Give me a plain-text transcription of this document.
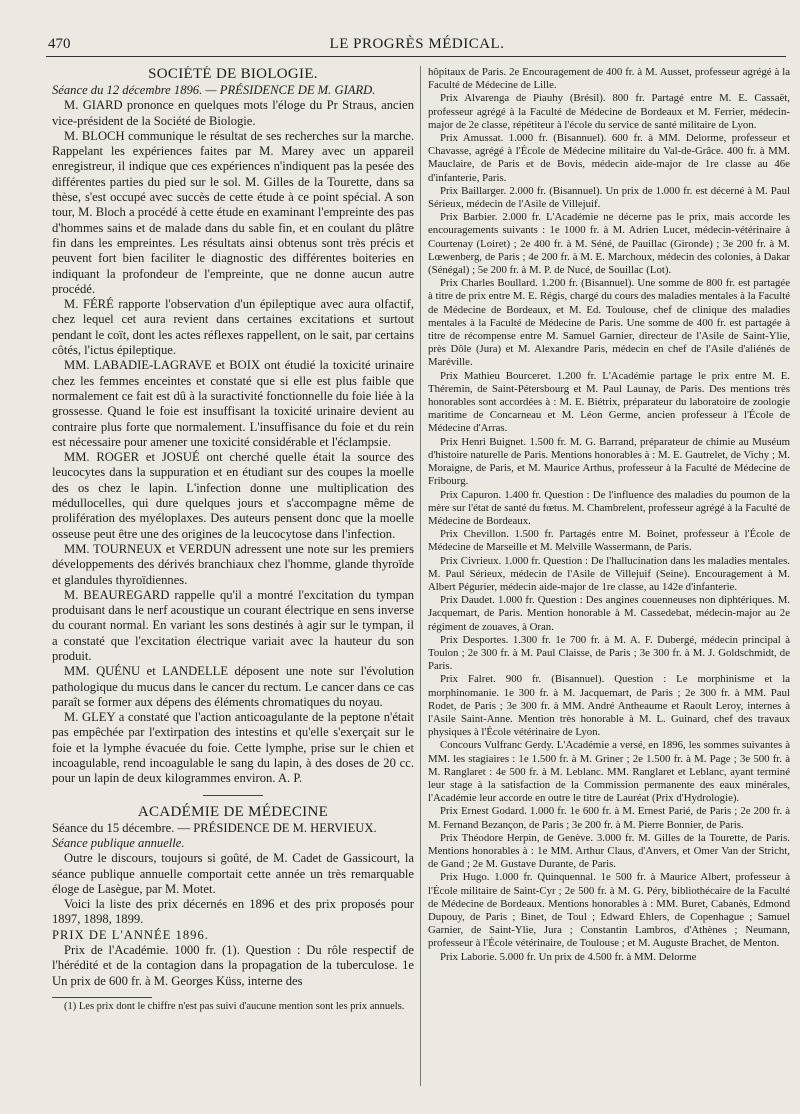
470	LE PROGRÈS MÉDICAL.
SOCIÉTÉ DE BIOLOGIE.

Séance du 12 décembre 1896. — PRÉSIDENCE DE M. GIARD.

M. GIARD prononce en quelques mots l'éloge du Pr Straus, ancien vice-président de la Société de Biologie.

M. BLOCH communique le résultat de ses recherches sur la marche. Rappelant les expériences faites par M. Marey avec un appareil enregistreur, il indique que ces expériences n'indiquent pas la pesée des différentes parties du pied sur le sol. M. Gilles de la Tourette, dans sa thèse, s'est occupé avec succès de cette étude à ce point spécial. A son tour, M. Bloch a procédé à cette étude en examinant l'empreinte des pas d'hommes sains et de malade dans du sable fin, et en coulant du plâtre fin dans les empreintes. Les résultats ainsi obtenus sont très précis et peuvent fort bien faciliter le diagnostic des différentes boiteries en indiquant la profondeur de l'empreinte, que ne donne aucun autre procédé.

M. FÉRÉ rapporte l'observation d'un épileptique avec aura olfactif, chez lequel cet aura revient dans certaines excitations et surtout pendant le coït, dont les actes réflexes rappellent, on le sait, par certains côtés, l'ictus épileptique.

MM. LABADIE-LAGRAVE et BOIX ont étudié la toxicité urinaire chez les femmes enceintes et constaté que si elle est plus faible que normalement ce fait est dû à la suractivité fonctionnelle du foie liée à la grossesse. Quand le foie est insuffisant la toxicité urinaire devient au contraire plus forte que normalement. L'insuffisance du foie et du rein est nécessaire pour amener une toxicité considérable et l'éclampsie.

MM. ROGER et JOSUÉ ont cherché quelle était la source des leucocytes dans la suppuration et en étudiant sur des coupes la moelle des os chez le lapin. L'infection donne une multiplication des médullocelles, qui dure quelques jours et s'accompagne même de prolifération des myéloplaxes. Des auteurs pensent donc que la moelle osseuse peut être une des origines de la leucocytose dans l'infection.

MM. TOURNEUX et VERDUN adressent une note sur les premiers développements des dérivés branchiaux chez l'homme, glande thyroïde et glandules thyroïdiennes.

M. BEAUREGARD rappelle qu'il a montré l'excitation du tympan produisant dans le nerf acoustique un courant électrique en sens inverse du courant normal. En variant les sons destinés à agir sur le tympan, il a constaté que l'excitation électrique variait avec la hauteur du son produit.

MM. QUÉNU et LANDELLE déposent une note sur l'évolution pathologique du mucus dans le cancer du rectum. Le cancer dans ce cas paraît se former aux dépens des éléments chromatiques du noyau.

M. GLEY a constaté que l'action anticoagulante de la peptone n'était pas empêchée par l'extirpation des intestins et qu'elle s'exerçait sur le foie et la lymphe évacuée du foie. Cette lymphe, prise sur le chien et incoagulable, rend incoagulable le sang du lapin, à des doses de 20 cc. pour un lapin de deux kilogrammes environ. A. P.

ACADÉMIE DE MÉDECINE

Séance du 15 décembre. — PRÉSIDENCE DE M. HERVIEUX.

Séance publique annuelle.

Outre le discours, toujours si goûté, de M. Cadet de Gassicourt, la séance publique annuelle comportait cette année un très remarquable éloge de Lasègue, par M. Motet.

Voici la liste des prix décernés en 1896 et des prix proposés pour 1897, 1898, 1899.

PRIX DE L'ANNÉE 1896.

Prix de l'Académie. 1000 fr. (1). Question : Du rôle respectif de l'hérédité et de la contagion dans la propagation de la tuberculose. 1e Un prix de 600 fr. à M. Georges Küss, interne des

(1) Les prix dont le chiffre n'est pas suivi d'aucune mention sont les prix annuels.

hôpitaux de Paris. 2e Encouragement de 400 fr. à M. Ausset, professeur agrégé à la Faculté de Médecine de Lille.

Prix Alvarenga de Piauhy (Brésil). 800 fr. Partagé entre M. E. Cassaët, professeur agrégé à la Faculté de Médecine de Bordeaux et M. Ferrier, médecin-major de 2e classe, répétiteur à l'école du service de santé militaire de Lyon.

Prix Amussat. 1.000 fr. (Bisannuel). 600 fr. à MM. Delorme, professeur et Chavasse, agrégé à l'École de Médecine militaire du Val-de-Grâce. 400 fr. à MM. Mauclaire, de Paris et de Bovis, médecin aide-major de 1re classe au 46e d'infanterie, Paris.

Prix Baillarger. 2.000 fr. (Bisannuel). Un prix de 1.000 fr. est décerné à M. Paul Sérieux, médecin de l'Asile de Villejuif.

Prix Barbier. 2.000 fr. L'Académie ne décerne pas le prix, mais accorde les encouragements suivants : 1e 1000 fr. à M. Adrien Lucet, médecin-vétérinaire à Courtenay (Loiret) ; 2e 400 fr. à M. Séné, de Pauillac (Gironde) ; 3e 200 fr. à M. Lœwenberg, de Paris ; 4e 200 fr. à M. E. Marchoux, médecin des colonies, à Dakar (Sénégal) ; 5e 200 fr. à M. P. de Nucé, de Souillac (Lot).

Prix Charles Boullard. 1.200 fr. (Bisannuel). Une somme de 800 fr. est partagée à titre de prix entre M. E. Régis, chargé du cours des maladies mentales à la Faculté de Médecine de Bordeaux, et M. Ed. Toulouse, chef de clinique des maladies mentales à la Faculté de Médecine de Paris. Une somme de 400 fr. est partagée à titre de récompense entre M. Samuel Garnier, directeur de l'Asile de Saint-Ylie, près Dôle (Jura) et M. Alexandre Paris, médecin en chef de l'Asile d'aliénés de Maréville.

Prix Mathieu Bourceret. 1.200 fr. L'Académie partage le prix entre M. E. Théremin, de Saint-Pétersbourg et M. Paul Launay, de Paris. Des mentions très honorables sont accordées à : M. E. Biétrix, préparateur du laboratoire de zoologie maritime de Concarneau et M. Léon Germe, ancien professeur à l'École de Médecine d'Arras.

Prix Henri Buignet. 1.500 fr. M. G. Barrand, préparateur de chimie au Muséum d'histoire naturelle de Paris. Mentions honorables à : M. E. Gautrelet, de Vichy ; M. Moraigne, de Paris, et M. Maurice Arthus, professeur à la Faculté de Médecine de Fribourg.

Prix Capuron. 1.400 fr. Question : De l'influence des maladies du poumon de la mère sur l'état de santé du fœtus. M. Chambrelent, professeur agrégé à la Faculté de Médecine de Bordeaux.

Prix Chevillon. 1.500 fr. Partagés entre M. Boinet, professeur à l'École de Médecine de Marseille et M. Melville Wassermann, de Paris.

Prix Civrieux. 1.000 fr. Question : De l'hallucination dans les maladies mentales. M. Paul Sérieux, médecin de l'Asile de Villejuif (Seine). Encouragement à M. Albert Pégurier, médecin aide-major de 1re classe, au 142e d'infanterie.

Prix Daudet. 1.000 fr. Question : Des angines couenneuses non diphtériques. M. Jacquemart, de Paris. Mention honorable à M. Cassedebat, médecin-major au 2e régiment de zouaves, à Oran.

Prix Desportes. 1.300 fr. 1e 700 fr. à M. A. F. Dubergé, médecin principal à Toulon ; 2e 300 fr. à M. Paul Claisse, de Paris ; 3e 300 fr. à M. J. Goldschmidt, de Paris.

Prix Falret. 900 fr. (Bisannuel). Question : Le morphinisme et la morphinomanie. 1e 300 fr. à M. Jacquemart, de Paris ; 2e 300 fr. à MM. Paul Rodet, de Paris ; 3e 300 fr. à MM. André Antheaume et Raoult Leroy, internes à l'Asile Saint-Anne. Mention très honorable à M. L. Guinard, chef des travaux physiques à l'École vétérinaire de Lyon.

Concours Vulfranc Gerdy. L'Académie a versé, en 1896, les sommes suivantes à MM. les stagiaires : 1e 1.500 fr. à M. Griner ; 2e 1.500 fr. à M. Page ; 3e 500 fr. à M. Ranglaret : 4e 500 fr. à M. Leblanc. MM. Ranglaret et Leblanc, ayant terminé leur stage à la satisfaction de la Commission permanente des eaux minérales, l'Académie leur accorde en outre le titre de Lauréat (Prix d'Hydrologie).

Prix Ernest Godard. 1.000 fr. 1e 600 fr. à M. Ernest Parié, de Paris ; 2e 200 fr. à M. Fernand Bezançon, de Paris ; 3e 200 fr. à M. Pierre Bonnier, de Paris.

Prix Théodore Herpin, de Genève. 3.000 fr. M. Gilles de la Tourette, de Paris. Mentions honorables à : 1e MM. Arthur Claus, d'Anvers, et Omer Van der Stricht, de Gand ; 2e M. Gustave Durante, de Paris.

Prix Hugo. 1.000 fr. Quinquennal. 1e 500 fr. à Maurice Albert, professeur à l'École militaire de Saint-Cyr ; 2e 500 fr. à M. G. Péry, bibliothécaire de la Faculté de Médecine de Bordeaux. Mentions honorables à : MM. Buret, Cabanès, Edmond Dupouy, de Paris ; Binet, de Toul ; Edward Ehlers, de Copenhague ; Samuel Garnier, de Saint-Ylie, Jura ; Constantin Lambros, d'Athènes ; Neumann, professeur à l'École vétérinaire, de Toulouse ; et M. Auguste Brachet, de Menton.

Prix Laborie. 5.000 fr. Un prix de 4.500 fr. à MM. Delorme
